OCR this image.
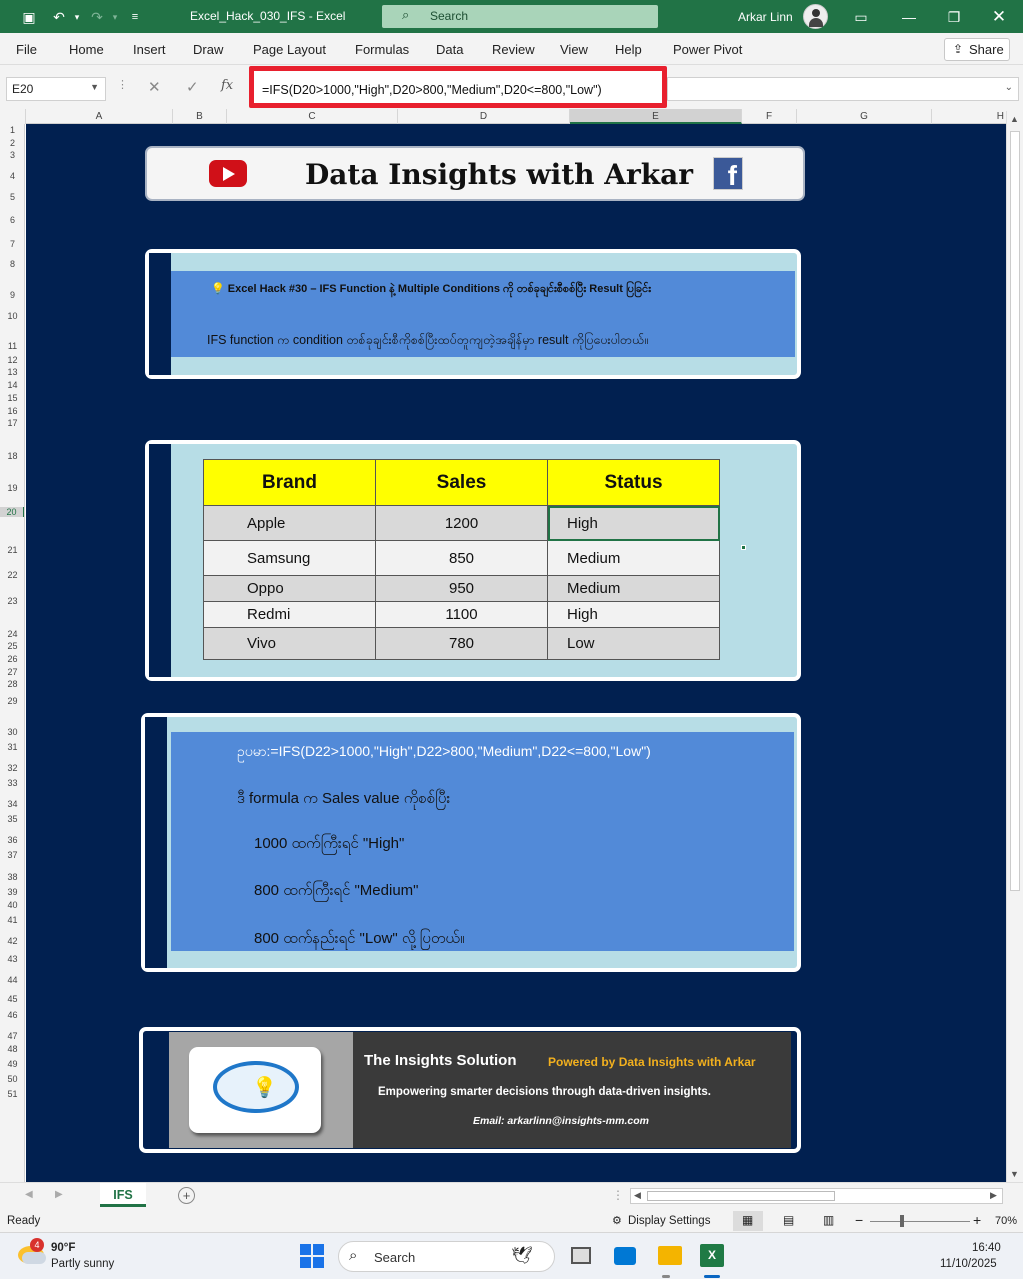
▣ ↶	▾ ↷	▾	≡	Excel_Hack_030_IFS - Excel	⌕ Search	Arkar Linn	▭ — ❐ ✕
File Home Insert Draw Page Layout Formulas Data Review View Help Power Pivot	⇪ Share
E20	▼ ⋮ ✕ ✓ fx =IFS(D20>1000,"High",D20>800,"Medium",D20<=800,"Low")	⌄
A	B	C	D	E	F	G	H
1
2
3
4
5
6
7
8
9
10
11
12
13
14
15
16
17
18
19
20
21
22
23
24
25
26
27
28
29
30
31
32
33
34
35
36
37
38
39
40
41
42
43
44
45
46
47
48
49
50
51
Data Insights with Arkar	f
💡 Excel Hack #30 – IFS Function နဲ့ Multiple Conditions ကို တစ်ခုချင်းစီစစ်ပြီး Result ပြခြင်း
IFS function က condition တစ်ခုချင်းစီကိုစစ်ပြီးထပ်တူကျတဲ့အချိန်မှာ result ကိုပြပေးပါတယ်။
Brand	Sales	Status
Apple	1200	High
Samsung	850	Medium
Oppo	950	Medium
Redmi	1100	High
Vivo	780	Low
ဥပမာ:=IFS(D22>1000,"High",D22>800,"Medium",D22<=800,"Low")
ဒီ formula က Sales value ကိုစစ်ပြီး
1000 ထက်ကြီးရင် "High"
800 ထက်ကြီးရင် "Medium"
800 ထက်နည်းရင် "Low" လို့ပြတယ်။
💡
The Insights Solution	Powered by Data Insights with Arkar
Empowering smarter decisions through data-driven insights.
Email: arkarlinn@insights-mm.com
▲
▼
◀ ▶	IFS	+	⋮ ◀	▶
Ready	⚙ Display Settings	▦ ▤ ▥ −	+ 70%
4	90°F
Partly sunny	⌕ Search	🕊	X	16:40
11/10/2025
